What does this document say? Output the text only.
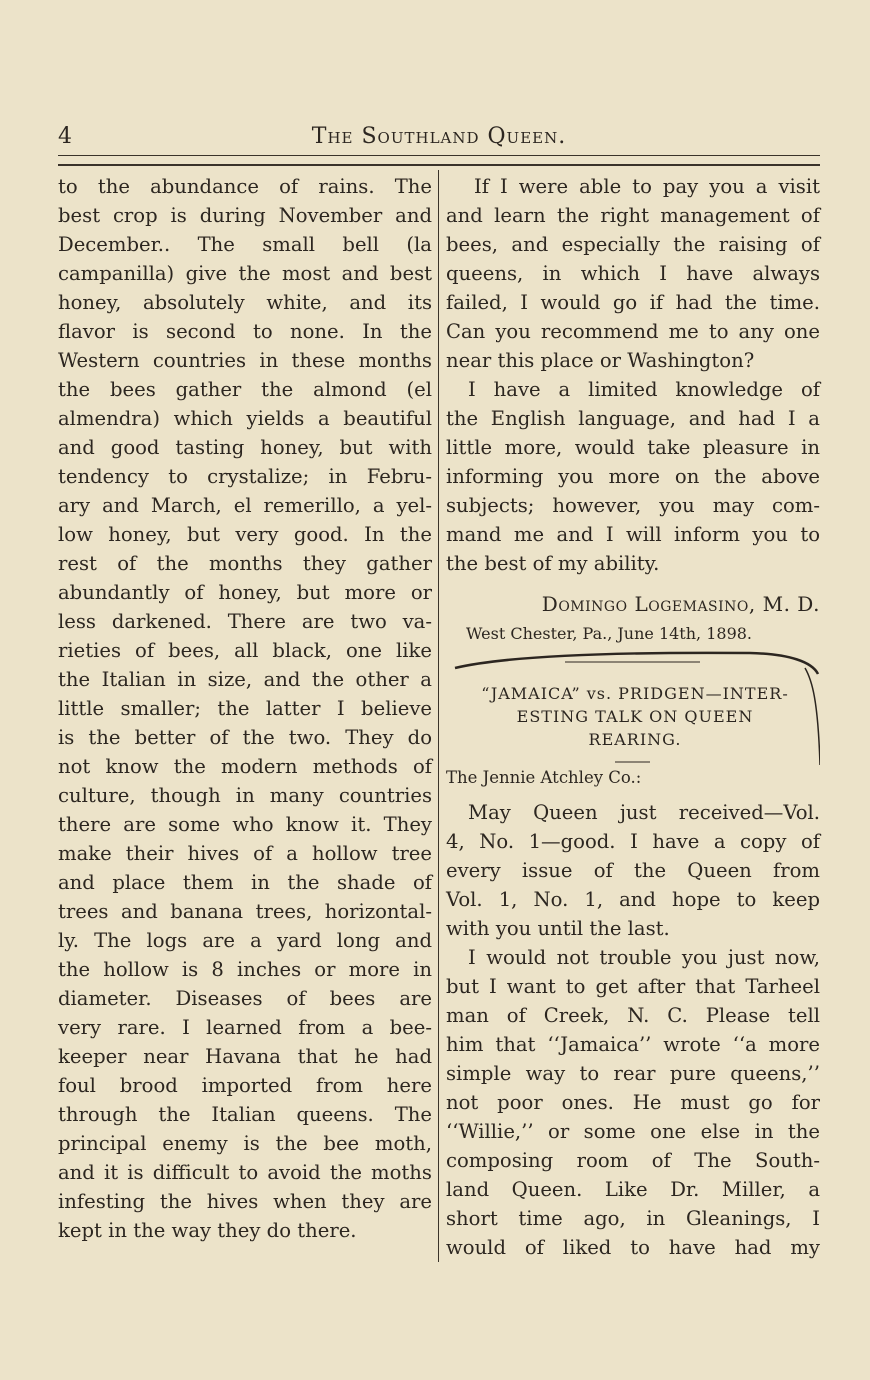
4	The Southland Queen.
to the abundance of rains. The
best crop is during November and
December.. The small bell (la
campanilla) give the most and best
honey, absolutely white, and its
flavor is second to none. In the
Western countries in these months
the bees gather the almond (el
almendra) which yields a beautiful
and good tasting honey, but with
tendency to crystalize; in Febru-
ary and March, el remerillo, a yel-
low honey, but very good. In the
rest of the months they gather
abundantly of honey, but more or
less darkened. There are two va-
rieties of bees, all black, one like
the Italian in size, and the other a
little smaller; the latter I believe
is the better of the two. They do
not know the modern methods of
culture, though in many countries
there are some who know it. They
make their hives of a hollow tree
and place them in the shade of
trees and banana trees, horizontal-
ly. The logs are a yard long and
the hollow is 8 inches or more in
diameter. Diseases of bees are
very rare. I learned from a bee-
keeper near Havana that he had
foul brood imported from here
through the Italian queens. The
principal enemy is the bee moth,
and it is difficult to avoid the moths
infesting the hives when they are
kept in the way they do there.
If I were able to pay you a visit
and learn the right management of
bees, and especially the raising of
queens, in which I have always
failed, I would go if had the time.
Can you recommend me to any one
near this place or Washington?
I have a limited knowledge of
the English language, and had I a
little more, would take pleasure in
informing you more on the above
subjects; however, you may com-
mand me and I will inform you to
the best of my ability.
Domingo Logemasino, M. D.
West Chester, Pa., June 14th, 1898.
“JAMAICA” vs. PRIDGEN—INTER-
ESTING TALK ON QUEEN
REARING.
The Jennie Atchley Co.:
May Queen just received—Vol.
4, No. 1—good. I have a copy of
every issue of the Queen from
Vol. 1, No. 1, and hope to keep
with you until the last.
I would not trouble you just now,
but I want to get after that Tarheel
man of Creek, N. C. Please tell
him that ‘‘Jamaica’’ wrote ‘‘a more
simple way to rear pure queens,’’
not poor ones. He must go for
‘‘Willie,’’ or some one else in the
composing room of The South-
land Queen. Like Dr. Miller, a
short time ago, in Gleanings, I
would of liked to have had my
